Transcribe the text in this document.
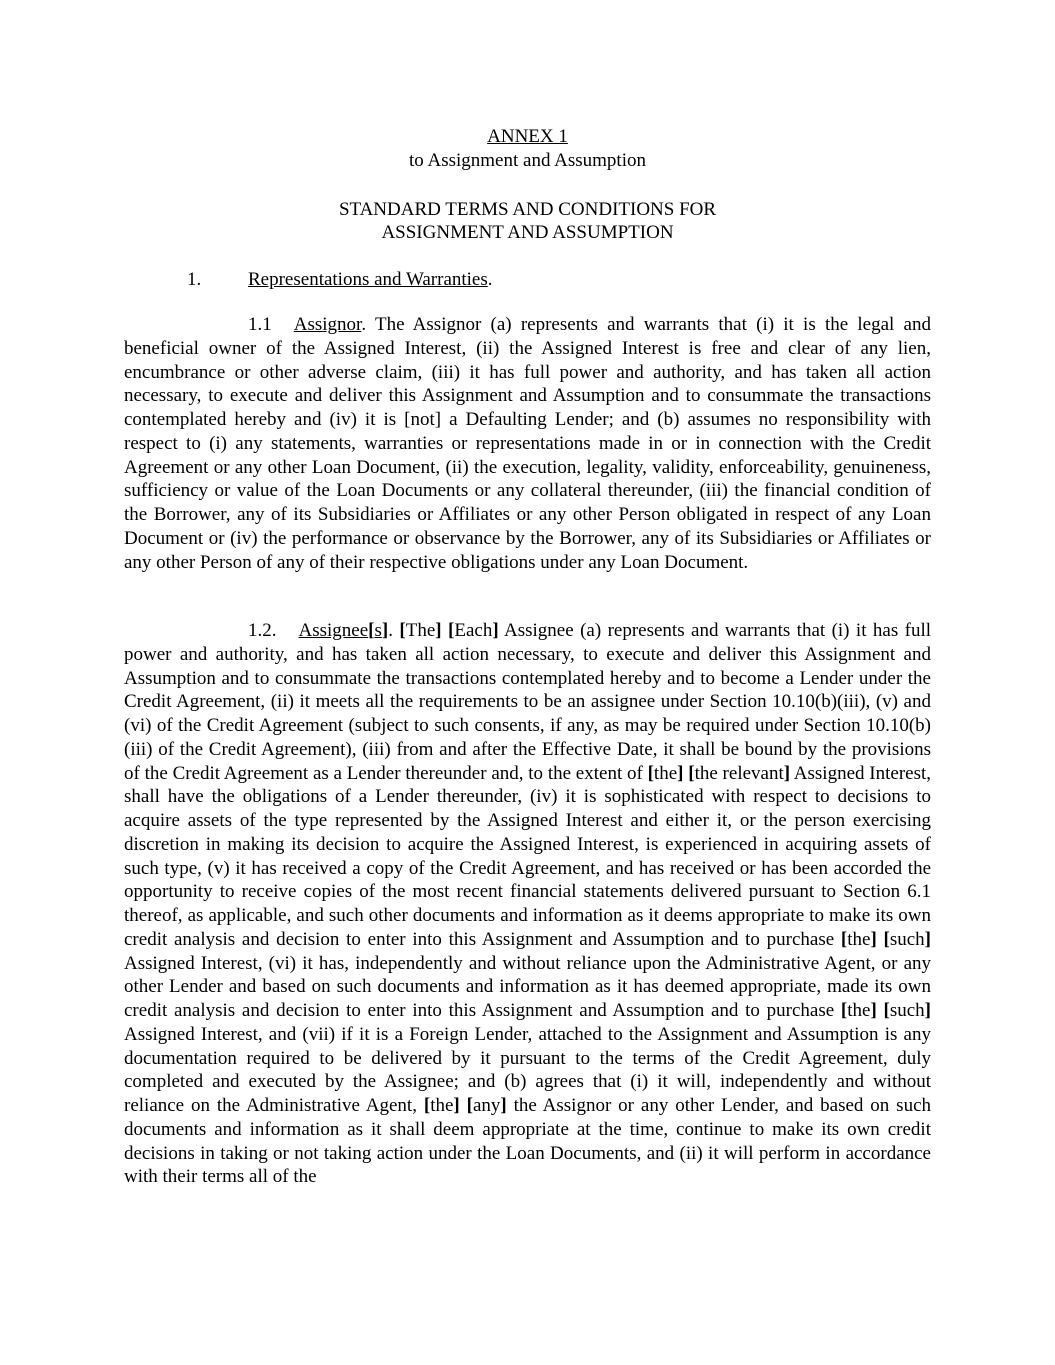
ANNEX 1
to Assignment and Assumption
STANDARD TERMS AND CONDITIONS FOR
ASSIGNMENT AND ASSUMPTION
1. Representations and Warranties.

1.1 Assignor. The Assignor (a) represents and warrants that (i) it is the legal and beneficial owner of the Assigned Interest, (ii) the Assigned Interest is free and clear of any lien, encumbrance or other adverse claim, (iii) it has full power and authority, and has taken all action necessary, to execute and deliver this Assignment and Assumption and to consummate the transactions contemplated hereby and (iv) it is [not] a Defaulting Lender; and (b) assumes no responsibility with respect to (i) any statements, warranties or representations made in or in connection with the Credit Agreement or any other Loan Document, (ii) the execution, legality, validity, enforceability, genuineness, sufficiency or value of the Loan Documents or any collateral thereunder, (iii) the financial condition of the Borrower, any of its Subsidiaries or Affiliates or any other Person obligated in respect of any Loan Document or (iv) the performance or observance by the Borrower, any of its Subsidiaries or Affiliates or any other Person of any of their respective obligations under any Loan Document.

1.2. Assignee[s]. [The] [Each] Assignee (a) represents and warrants that (i) it has full power and authority, and has taken all action necessary, to execute and deliver this Assignment and Assumption and to consummate the transactions contemplated hereby and to become a Lender under the Credit Agreement, (ii) it meets all the requirements to be an assignee under Section 10.10(b)(iii), (v) and (vi) of the Credit Agreement (subject to such consents, if any, as may be required under Section 10.10(b)(iii) of the Credit Agreement), (iii) from and after the Effective Date, it shall be bound by the provisions of the Credit Agreement as a Lender thereunder and, to the extent of [the] [the relevant] Assigned Interest, shall have the obligations of a Lender thereunder, (iv) it is sophisticated with respect to decisions to acquire assets of the type represented by the Assigned Interest and either it, or the person exercising discretion in making its decision to acquire the Assigned Interest, is experienced in acquiring assets of such type, (v) it has received a copy of the Credit Agreement, and has received or has been accorded the opportunity to receive copies of the most recent financial statements delivered pursuant to Section 6.1 thereof, as applicable, and such other documents and information as it deems appropriate to make its own credit analysis and decision to enter into this Assignment and Assumption and to purchase [the] [such] Assigned Interest, (vi) it has, independently and without reliance upon the Administrative Agent, or any other Lender and based on such documents and information as it has deemed appropriate, made its own credit analysis and decision to enter into this Assignment and Assumption and to purchase [the] [such] Assigned Interest, and (vii) if it is a Foreign Lender, attached to the Assignment and Assumption is any documentation required to be delivered by it pursuant to the terms of the Credit Agreement, duly completed and executed by the Assignee; and (b) agrees that (i) it will, independently and without reliance on the Administrative Agent, [the] [any] the Assignor or any other Lender, and based on such documents and information as it shall deem appropriate at the time, continue to make its own credit decisions in taking or not taking action under the Loan Documents, and (ii) it will perform in accordance with their terms all of the
